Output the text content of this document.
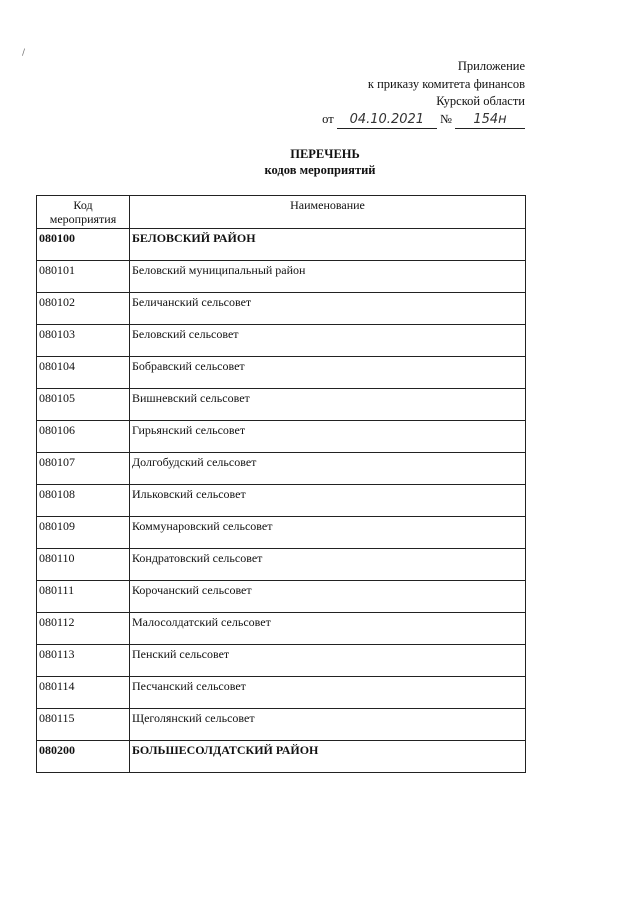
/
Приложение
к приказу комитета финансов
Курской области
от 04.10.2021 № 154н
ПЕРЕЧЕНЬ
кодов мероприятий
Код
мероприятия	Наименование
080100	БЕЛОВСКИЙ РАЙОН
080101	Беловский муниципальный район
080102	Беличанский сельсовет
080103	Беловский сельсовет
080104	Бобравский сельсовет
080105	Вишневский сельсовет
080106	Гирьянский сельсовет
080107	Долгобудский сельсовет
080108	Ильковский сельсовет
080109	Коммунаровский сельсовет
080110	Кондратовский сельсовет
080111	Корочанский сельсовет
080112	Малосолдатский сельсовет
080113	Пенский сельсовет
080114	Песчанский сельсовет
080115	Щеголянский сельсовет
080200	БОЛЬШЕСОЛДАТСКИЙ РАЙОН
